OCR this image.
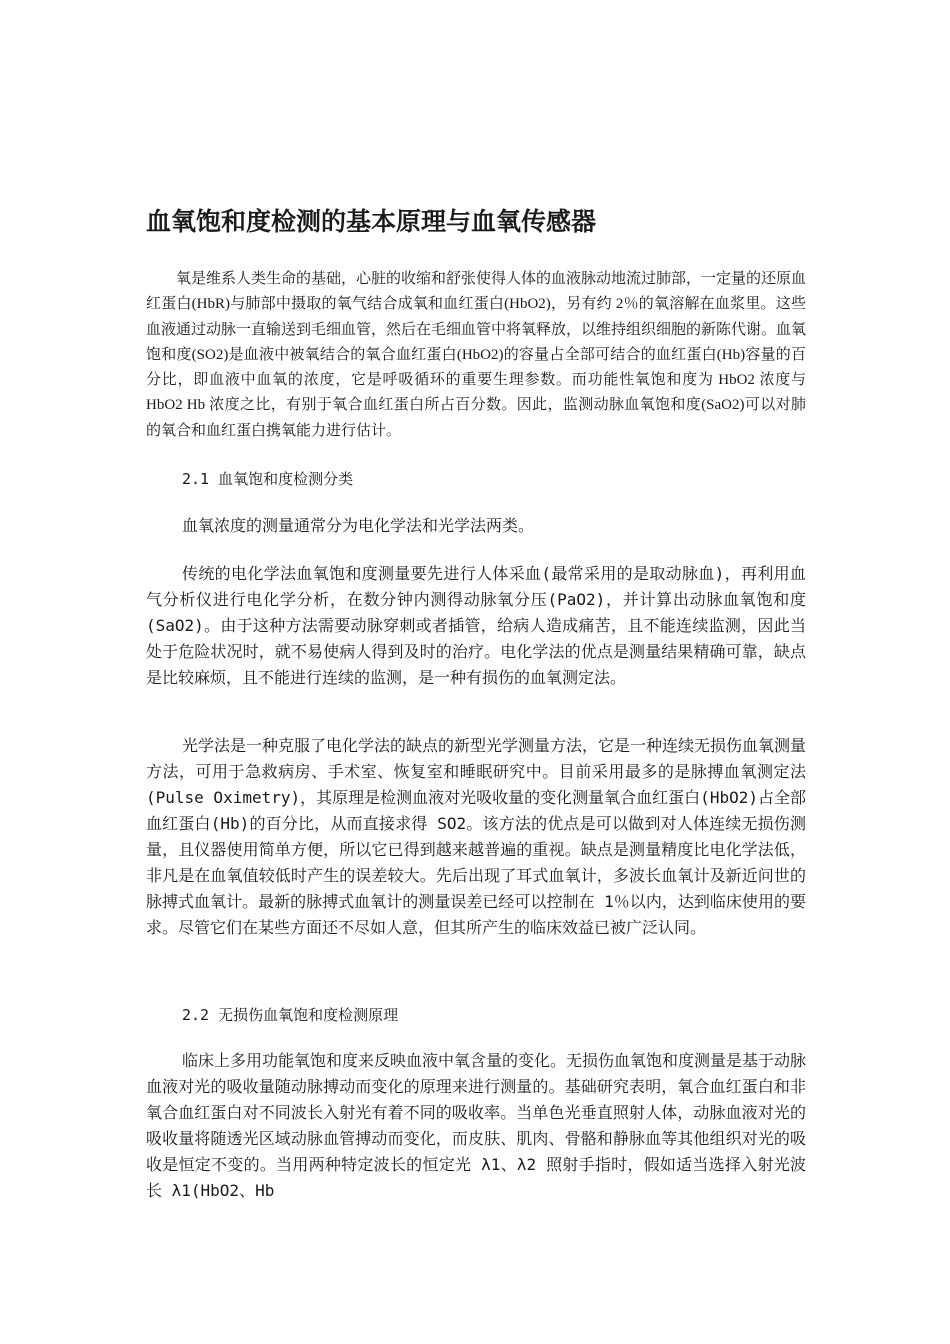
血氧饱和度检测的基本原理与血氧传感器

氧是维系人类生命的基础，心脏的收缩和舒张使得人体的血液脉动地流过肺部，一定量的还原血红蛋白(HbR)与肺部中摄取的氧气结合成氧和血红蛋白(HbO2)，另有约 2％的氧溶解在血浆里。这些血液通过动脉一直输送到毛细血管，然后在毛细血管中将氧释放，以维持组织细胞的新陈代谢。血氧饱和度(SO2)是血液中被氧结合的氧合血红蛋白(HbO2)的容量占全部可结合的血红蛋白(Hb)容量的百分比，即血液中血氧的浓度，它是呼吸循环的重要生理参数。而功能性氧饱和度为 HbO2 浓度与 HbO2 Hb 浓度之比，有别于氧合血红蛋白所占百分数。因此，监测动脉血氧饱和度(SaO2)可以对肺的氧合和血红蛋白携氧能力进行估计。

2.1 血氧饱和度检测分类

血氧浓度的测量通常分为电化学法和光学法两类。

传统的电化学法血氧饱和度测量要先进行人体采血(最常采用的是取动脉血)，再利用血气分析仪进行电化学分析，在数分钟内测得动脉氧分压(PaO2)，并计算出动脉血氧饱和度(SaO2)。由于这种方法需要动脉穿刺或者插管，给病人造成痛苦，且不能连续监测，因此当处于危险状况时，就不易使病人得到及时的治疗。电化学法的优点是测量结果精确可靠，缺点是比较麻烦，且不能进行连续的监测，是一种有损伤的血氧测定法。

光学法是一种克服了电化学法的缺点的新型光学测量方法，它是一种连续无损伤血氧测量方法，可用于急救病房、手术室、恢复室和睡眠研究中。目前采用最多的是脉搏血氧测定法(Pulse Oximetry)，其原理是检测血液对光吸收量的变化测量氧合血红蛋白(HbO2)占全部血红蛋白(Hb)的百分比，从而直接求得 SO2。该方法的优点是可以做到对人体连续无损伤测量，且仪器使用简单方便，所以它已得到越来越普遍的重视。缺点是测量精度比电化学法低，非凡是在血氧值较低时产生的误差较大。先后出现了耳式血氧计，多波长血氧计及新近问世的脉搏式血氧计。最新的脉搏式血氧计的测量误差已经可以控制在 1％以内，达到临床使用的要求。尽管它们在某些方面还不尽如人意，但其所产生的临床效益已被广泛认同。

2.2 无损伤血氧饱和度检测原理

临床上多用功能氧饱和度来反映血液中氧含量的变化。无损伤血氧饱和度测量是基于动脉血液对光的吸收量随动脉搏动而变化的原理来进行测量的。基础研究表明，氧合血红蛋白和非氧合血红蛋白对不同波长入射光有着不同的吸收率。当单色光垂直照射人体，动脉血液对光的吸收量将随透光区域动脉血管搏动而变化，而皮肤、肌肉、骨骼和静脉血等其他组织对光的吸收是恒定不变的。当用两种特定波长的恒定光 λ1、λ2 照射手指时，假如适当选择入射光波长 λ1(HbO2、Hb
